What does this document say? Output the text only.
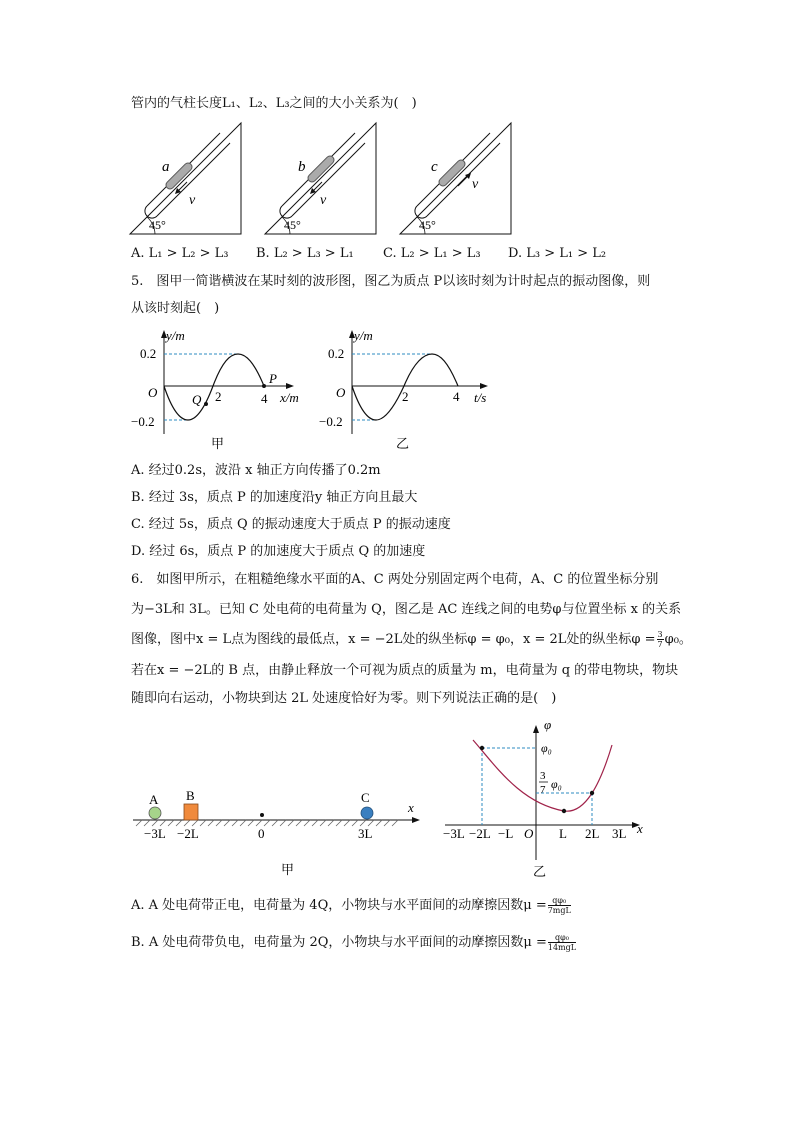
管内的气柱长度L₁、L₂、L₃之间的大小关系为(　)
a
v
45°
b
v
45°
c
v
45°
A. L₁ > L₂ > L₃ B. L₂ > L₃ > L₁ C. L₂ > L₁ > L₃ D. L₃ > L₁ > L₂
5.　图甲一简谐横波在某时刻的波形图，图乙为质点 P以该时刻为计时起点的振动图像，则
从该时刻起(　)
y/m
x/m
O
0.2
−0.2
2	4
Q
P
甲
y/m
t/s
O
0.2
−0.2
2	4
乙
A. 经过0.2s，波沿 x 轴正方向传播了0.2m
B. 经过 3s，质点 P 的加速度沿y 轴正方向且最大
C. 经过 5s，质点 Q 的振动速度大于质点 P 的振动速度
D. 经过 6s，质点 P 的加速度大于质点 Q 的加速度
6.　如图甲所示，在粗糙绝缘水平面的A、C 两处分别固定两个电荷，A、C 的位置坐标分别
为−3L和 3L。已知 C 处电荷的电荷量为 Q，图乙是 AC 连线之间的电势φ与位置坐标 x 的关系
图像，图中x = L点为图线的最低点，x = −2L处的纵坐标φ = φ₀，x = 2L处的纵坐标$\varphi = \frac{3}{7} \varphi_0$。
若在x = −2L的 B 点，由静止释放一个可视为质点的质量为 m，电荷量为 q 的带电物块，物块
随即向右运动，小物块到达 2L 处速度恰好为零。则下列说法正确的是(　)
A B	C
x
−3L −2L	0	3L
甲
φ
x
O
φ₀
3
7 φ₀
−3L −2L −L	L 2L 3L
乙
A. A 处电荷带正电，电荷量为 4Q，小物块与水平面间的动摩擦因数$\mu = \frac{\text{qφ₀}}{\text{7mgL}}$
B. A 处电荷带负电，电荷量为 2Q，小物块与水平面间的动摩擦因数$\mu = \frac{\text{qφ₀}}{\text{14mgL}}$
